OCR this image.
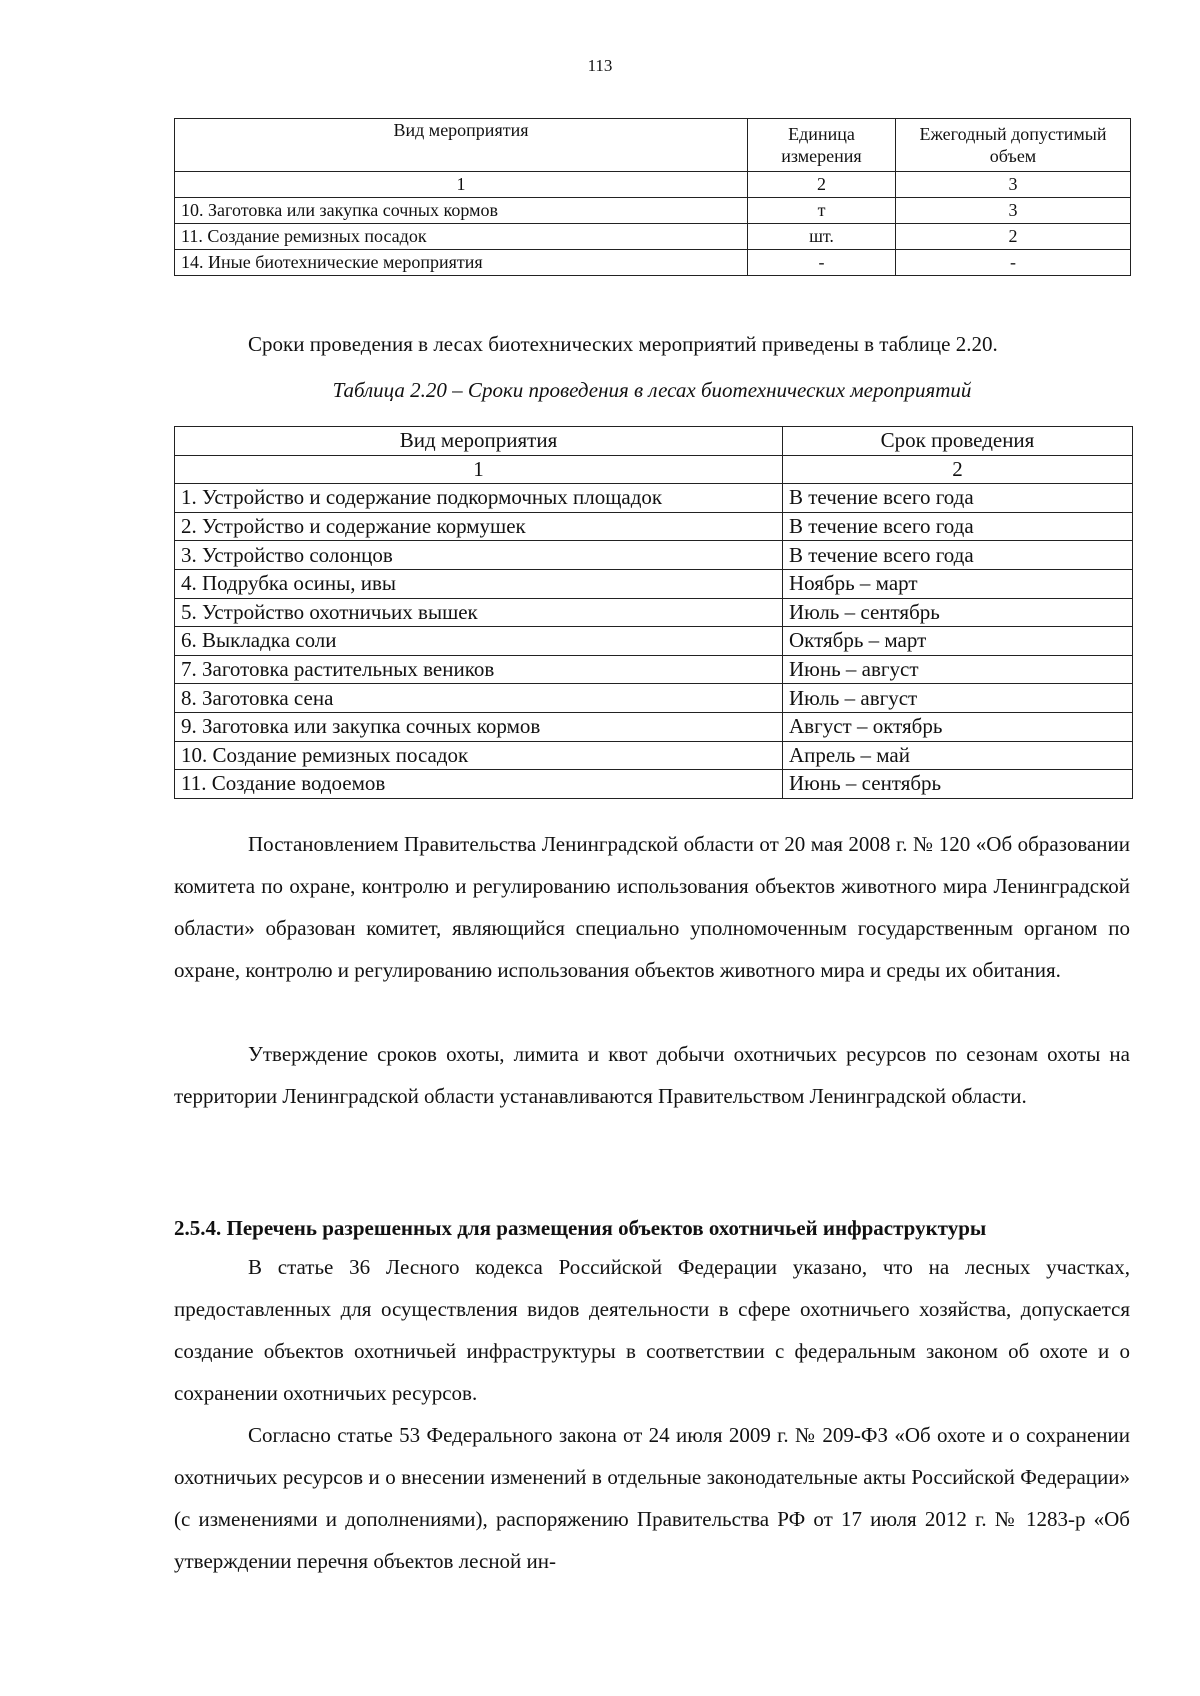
113
Вид мероприятия	Единица измерения	Ежегодный допустимый объем
1	2	3
10. Заготовка или закупка сочных кормов	т	3
11. Создание ремизных посадок	шт.	2
14. Иные биотехнические мероприятия	-	-

Сроки проведения в лесах биотехнических мероприятий приведены в таблице 2.20.

Таблица 2.20 – Сроки проведения в лесах биотехнических мероприятий
Вид мероприятия	Срок проведения
1	2
1. Устройство и содержание подкормочных площадок	В течение всего года
2. Устройство и содержание кормушек	В течение всего года
3. Устройство солонцов	В течение всего года
4. Подрубка осины, ивы	Ноябрь – март
5. Устройство охотничьих вышек	Июль – сентябрь
6. Выкладка соли	Октябрь – март
7. Заготовка растительных веников	Июнь – август
8. Заготовка сена	Июль – август
9. Заготовка или закупка сочных кормов	Август – октябрь
10. Создание ремизных посадок	Апрель – май
11. Создание водоемов	Июнь – сентябрь

Постановлением Правительства Ленинградской области от 20 мая 2008 г. № 120 «Об образовании комитета по охране, контролю и регулированию использования объектов животного мира Ленинградской области» образован комитет, являющийся специально уполномоченным государственным органом по охране, контролю и регулированию использования объектов животного мира и среды их обитания.

Утверждение сроков охоты, лимита и квот добычи охотничьих ресурсов по сезонам охоты на территории Ленинградской области устанавливаются Правительством Ленинградской области.

2.5.4. Перечень разрешенных для размещения объектов охотничьей инфраструктуры

В статье 36 Лесного кодекса Российской Федерации указано, что на лесных участках, предоставленных для осуществления видов деятельности в сфере охотничьего хозяйства, допускается создание объектов охотничьей инфраструктуры в соответствии с федеральным законом об охоте и о сохранении охотничьих ресурсов.

Согласно статье 53 Федерального закона от 24 июля 2009 г. № 209-ФЗ «Об охоте и о сохранении охотничьих ресурсов и о внесении изменений в отдельные законодательные акты Российской Федерации» (с изменениями и дополнениями), распоряжению Правительства РФ от 17 июля 2012 г. № 1283-р «Об утверждении перечня объектов лесной ин-
